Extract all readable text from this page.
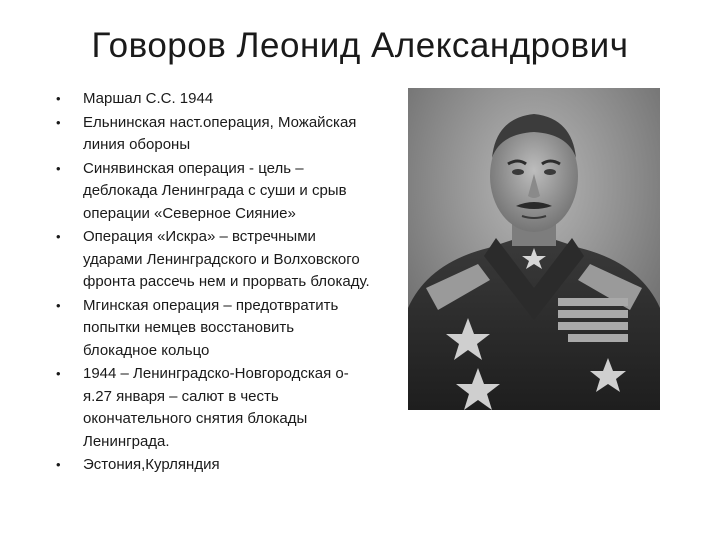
Говоров Леонид Александрович
• Маршал С.С. 1944
• Ельнинская наст.операция, Можайская линия обороны
• Синявинская операция - цель – деблокада Ленинграда с суши и срыв операции «Северное Сияние»
• Операция «Искра» – встречными ударами Ленинградского и Волховского фронта рассечь нем и прорвать блокаду.
• Мгинская операция – предотвратить попытки немцев восстановить блокадное кольцо
• 1944 – Ленинградско-Новгородская о-я.27 января – салют в честь окончательного снятия блокады Ленинграда.
• Эстония,Курляндия
